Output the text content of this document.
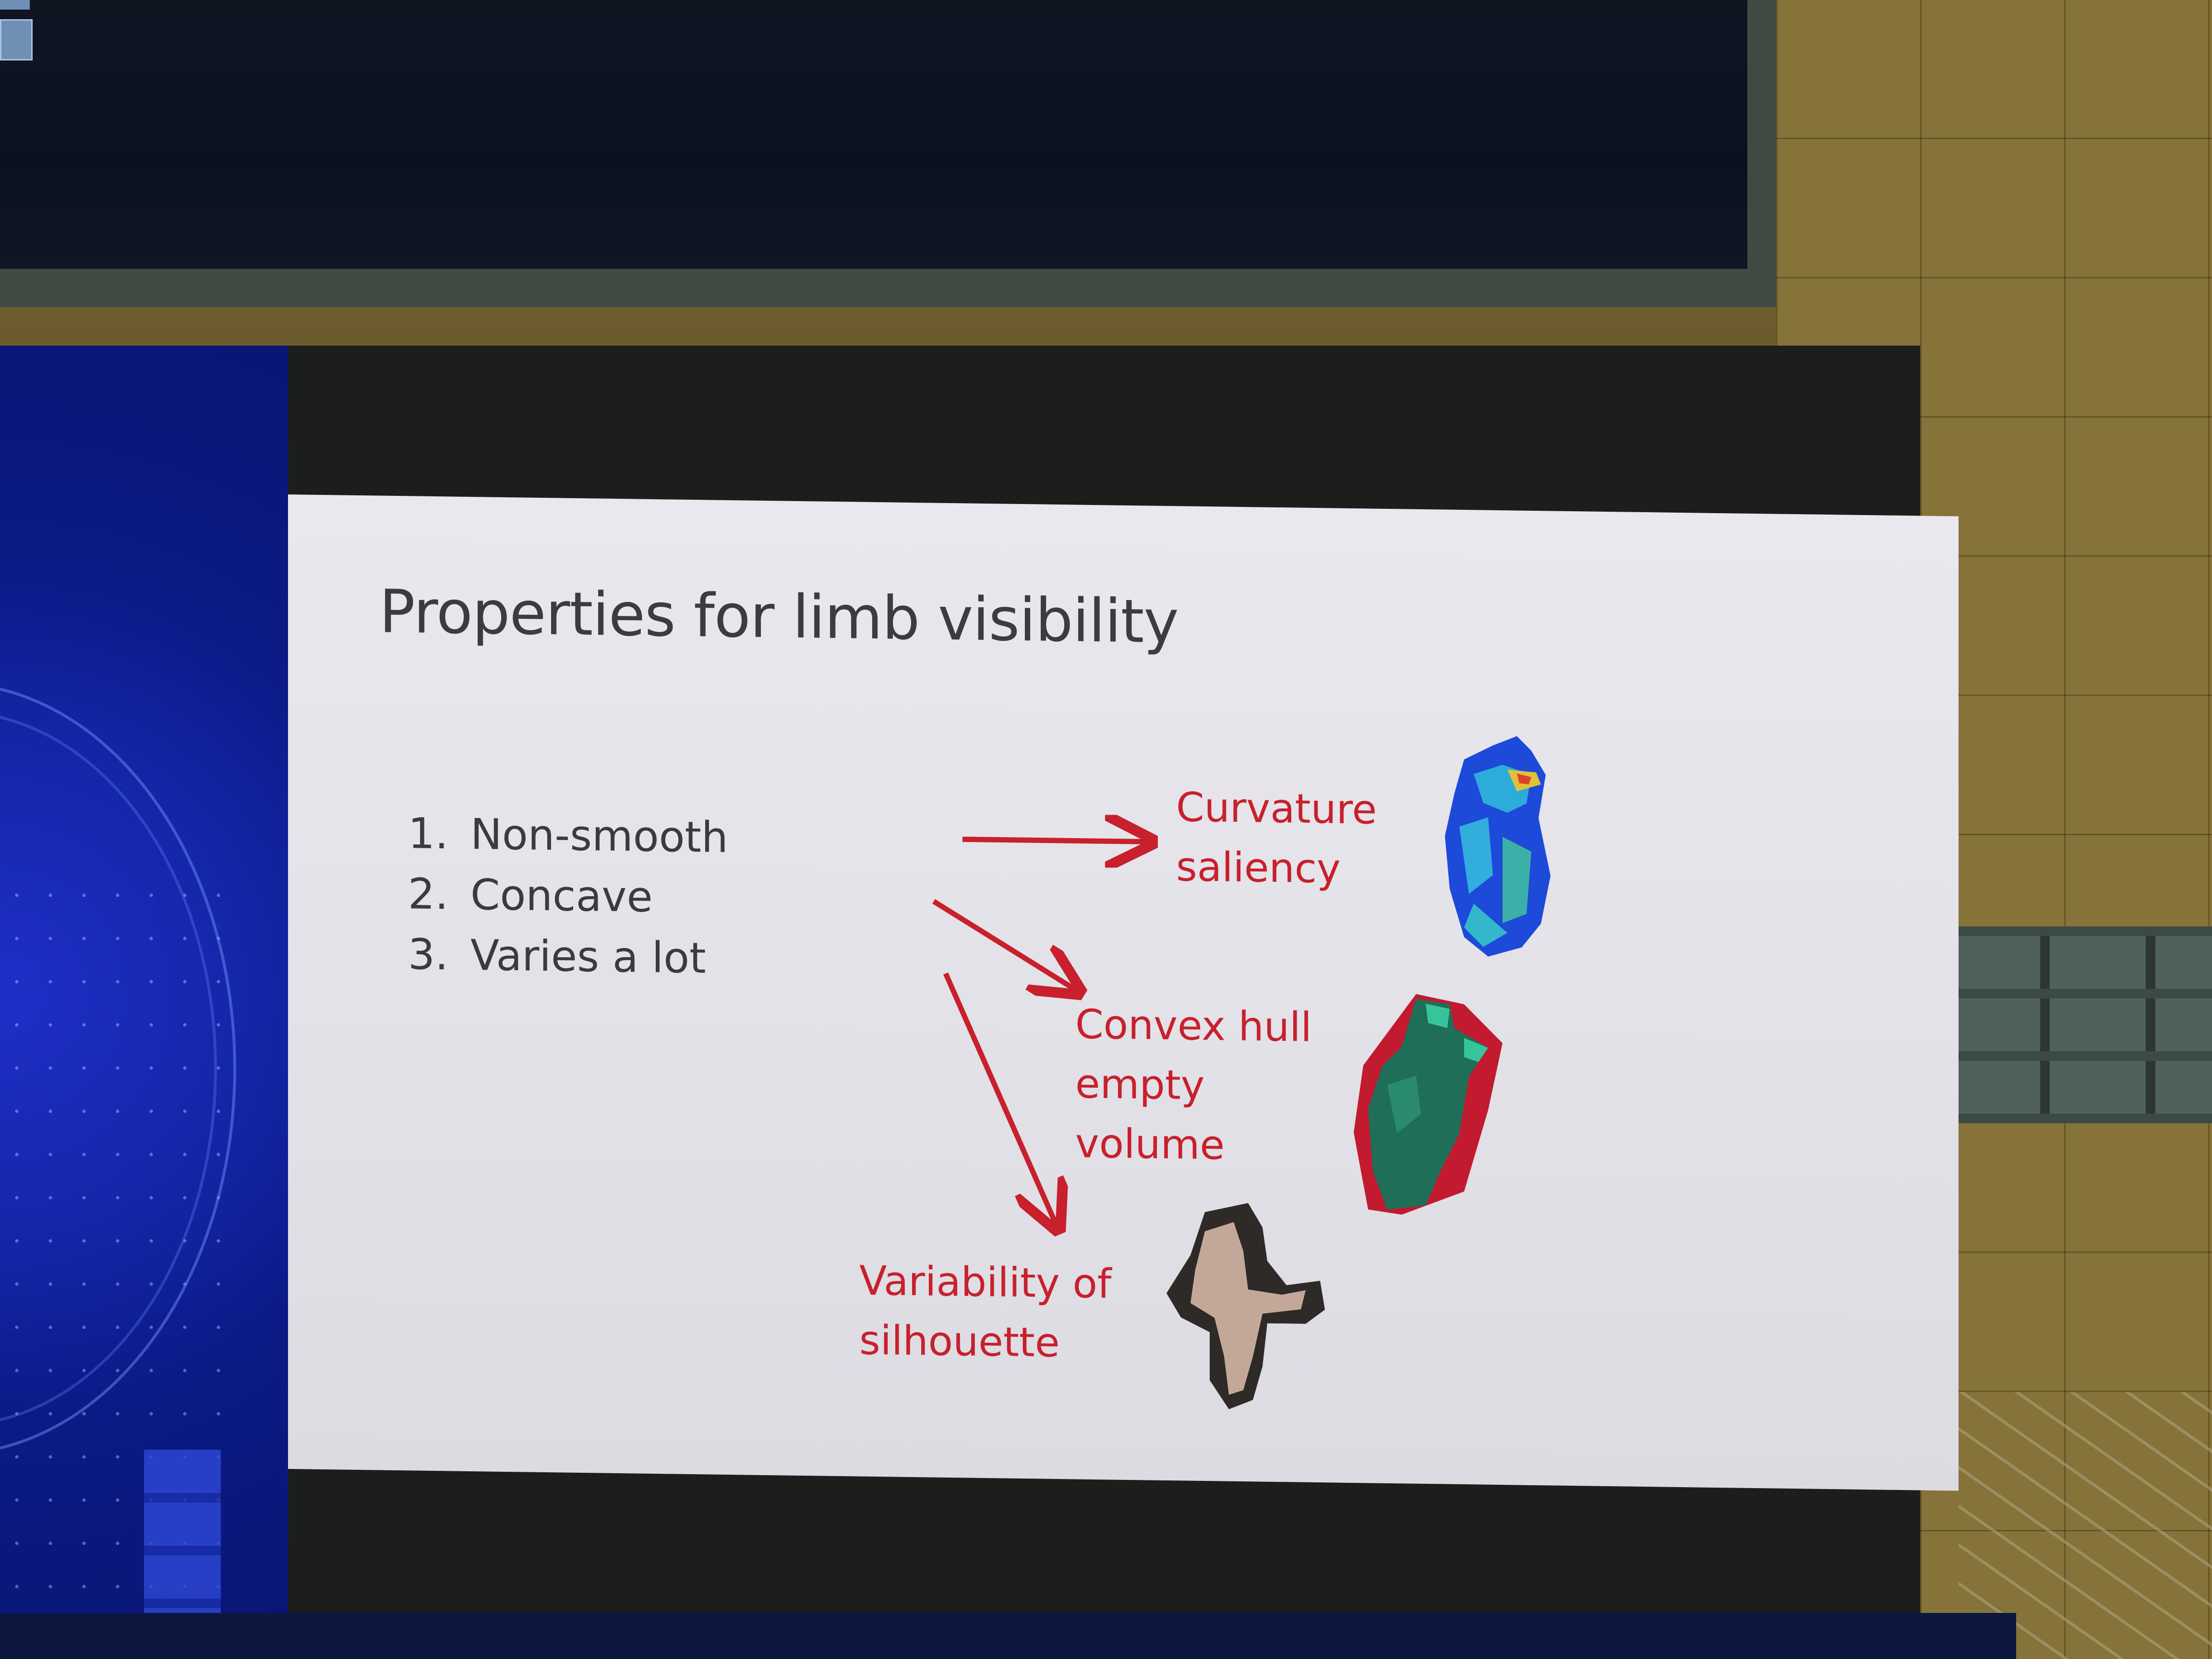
Properties for limb visibility
1. Non-smooth
2. Concave
3. Varies a lot
Curvature
saliency
Convex hull
empty
volume
Variability of
silhouette
